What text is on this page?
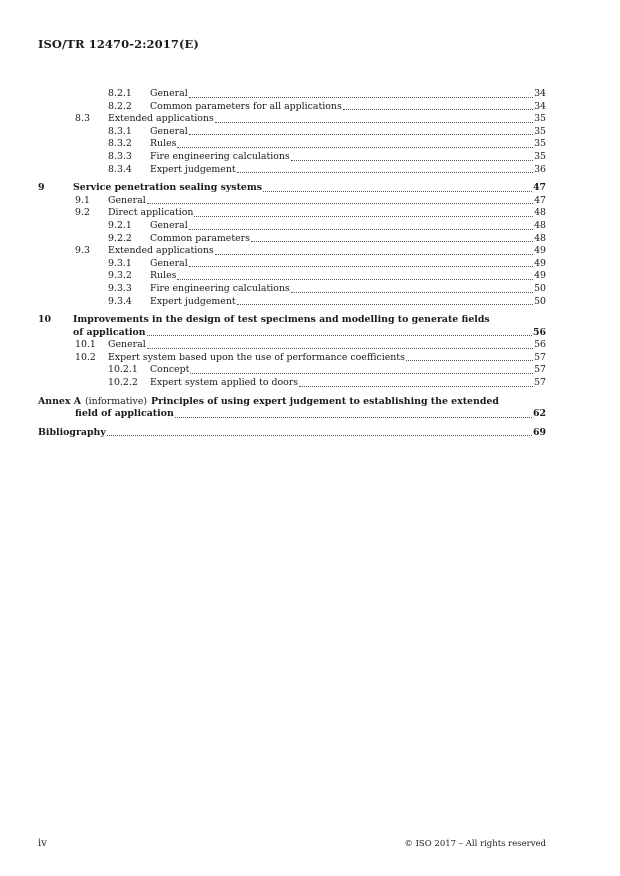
ISO/TR 12470-2:2017(E)
8.2.1	General	34
8.2.2	Common parameters for all applications	34
8.3	Extended applications	35
8.3.1	General	35
8.3.2	Rules	35
8.3.3	Fire engineering calculations	35
8.3.4	Expert judgement	36
9	Service penetration sealing systems	47
9.1	General	47
9.2	Direct application	48
9.2.1	General	48
9.2.2	Common parameters	48
9.3	Extended applications	49
9.3.1	General	49
9.3.2	Rules	49
9.3.3	Fire engineering calculations	50
9.3.4	Expert judgement	50
10	Improvements in the design of test specimens and modelling to generate fields
of application	56
10.1	General	56
10.2	Expert system based upon the use of performance coefficients	57
10.2.1	Concept	57
10.2.2	Expert system applied to doors	57
Annex A (informative) Principles of using expert judgement to establishing the extended
field of application	62
Bibliography	69
iv	© ISO 2017 – All rights reserved
